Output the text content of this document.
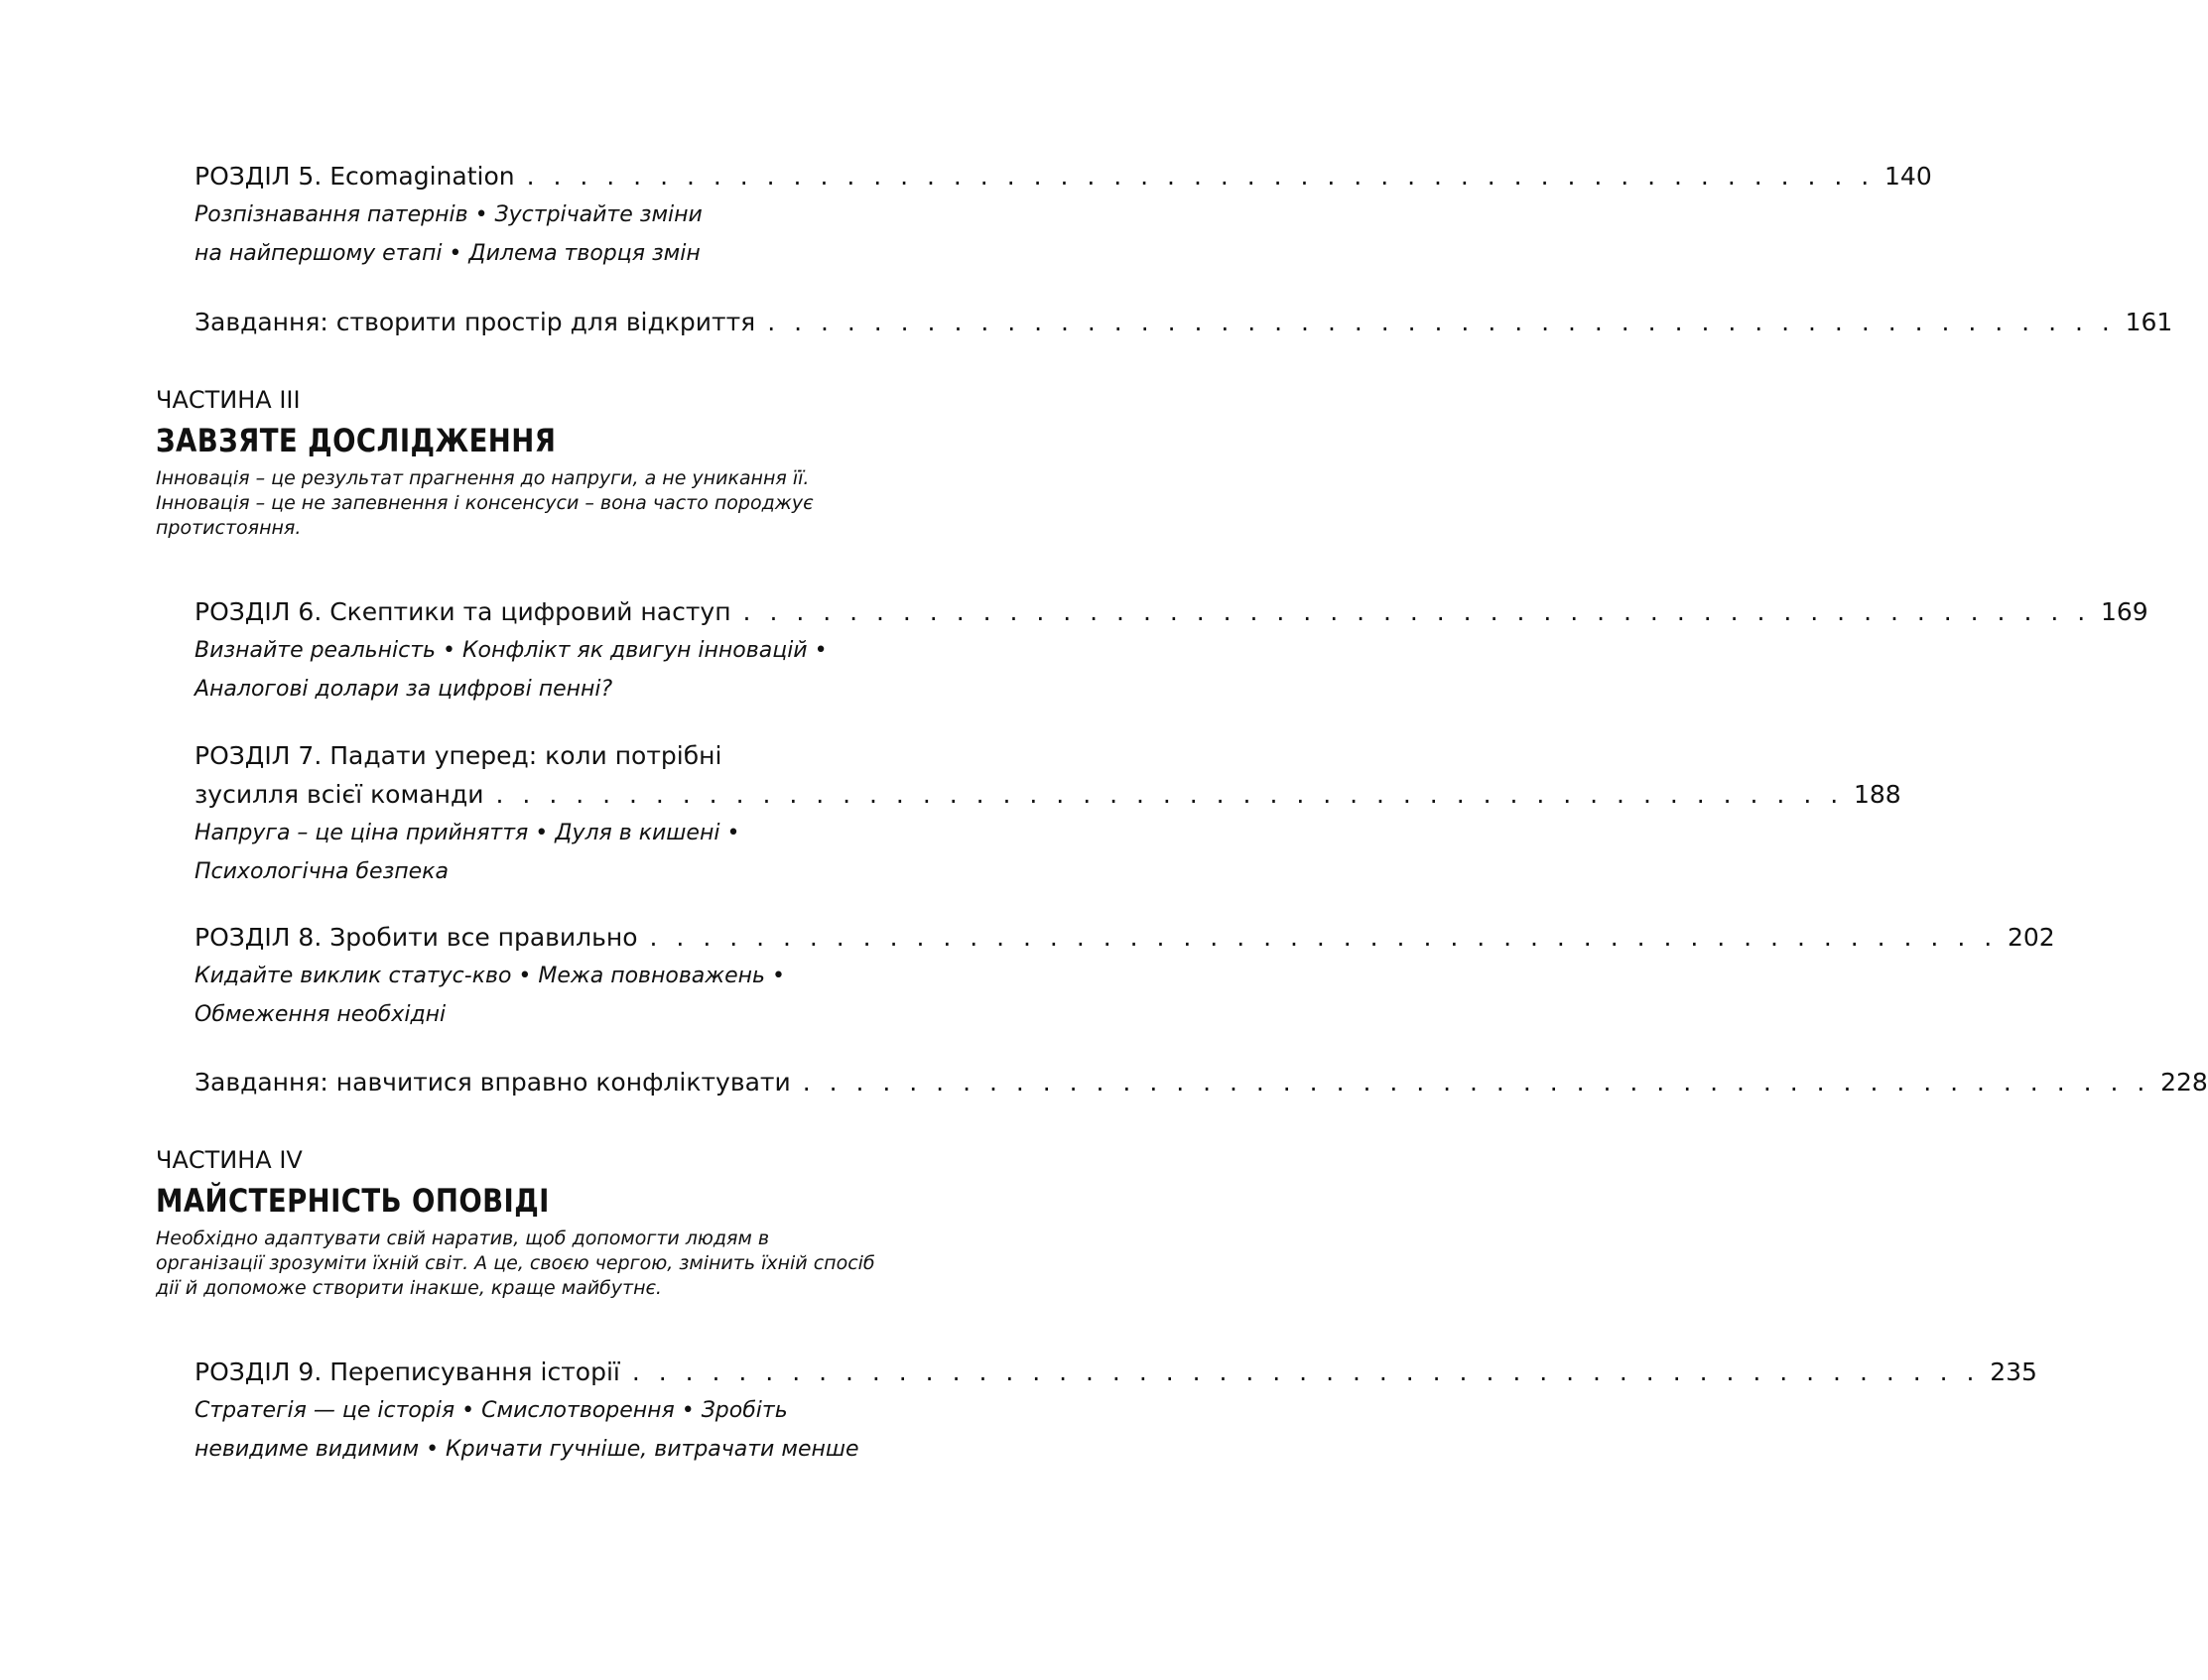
РОЗДІЛ 5. Ecomagination . . . . . . . . . . . . . . . . . . . . . . . . . . . . . . . . . . . . . . . . . . . . . . . . . . . 140
Розпізнавання патернів • Зустрічайте зміни
на найпершому етапі • Дилема творця змін
Завдання: створити простір для відкриття . . . . . . . . . . . . . . . . . . . . . . . . . . . . . . . . . . . . . . . . . . . . . . . . . . . 161
ЧАСТИНА III
ЗАВЗЯТЕ ДОСЛІДЖЕННЯ
Інновація – це результат прагнення до напруги, а не уникання її.
Інновація – це не запевнення і консенсуси – вона часто породжує
протистояння.
РОЗДІЛ 6. Скептики та цифровий наступ . . . . . . . . . . . . . . . . . . . . . . . . . . . . . . . . . . . . . . . . . . . . . . . . . . . 169
Визнайте реальність • Конфлікт як двигун інновацій •
Аналогові долари за цифрові пенні?
РОЗДІЛ 7. Падати уперед: коли потрібні
зусилля всієї команди . . . . . . . . . . . . . . . . . . . . . . . . . . . . . . . . . . . . . . . . . . . . . . . . . . . 188
Напруга – це ціна прийняття • Дуля в кишені •
Психологічна безпека
РОЗДІЛ 8. Зробити все правильно . . . . . . . . . . . . . . . . . . . . . . . . . . . . . . . . . . . . . . . . . . . . . . . . . . . 202
Кидайте виклик статус-кво • Межа повноважень •
Обмеження необхідні
Завдання: навчитися вправно конфліктувати . . . . . . . . . . . . . . . . . . . . . . . . . . . . . . . . . . . . . . . . . . . . . . . . . . . 228
ЧАСТИНА IV
МАЙСТЕРНІСТЬ ОПОВІДІ
Необхідно адаптувати свій наратив, щоб допомогти людям в
організації зрозуміти їхній світ. А це, своєю чергою, змінить їхній спосіб
дії й допоможе створити інакше, краще майбутнє.
РОЗДІЛ 9. Переписування історії . . . . . . . . . . . . . . . . . . . . . . . . . . . . . . . . . . . . . . . . . . . . . . . . . . . 235
Стратегія — це історія • Смислотворення • Зробіть
невидиме видимим • Кричати гучніше, витрачати менше
